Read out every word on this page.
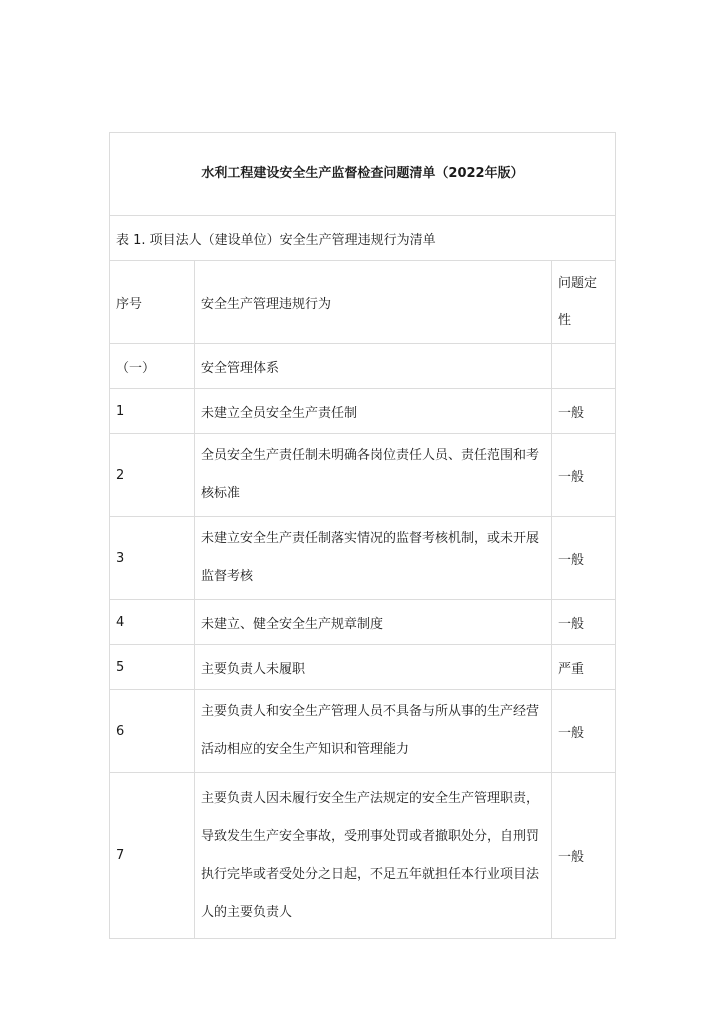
水利工程建设安全生产监督检查问题清单（2022年版）		
表 1. 项目法人（建设单位）安全生产管理违规行为清单		
序号	安全生产管理违规行为	问题定性
（一）	安全管理体系	
1	未建立全员安全生产责任制	一般
2	全员安全生产责任制未明确各岗位责任人员、责任范围和考核标准	一般
3	未建立安全生产责任制落实情况的监督考核机制，或未开展监督考核	一般
4	未建立、健全安全生产规章制度	一般
5	主要负责人未履职	严重
6	主要负责人和安全生产管理人员不具备与所从事的生产经营活动相应的安全生产知识和管理能力	一般
7	主要负责人因未履行安全生产法规定的安全生产管理职责，导致发生生产安全事故，受刑事处罚或者撤职处分，自刑罚执行完毕或者受处分之日起，不足五年就担任本行业项目法人的主要负责人	一般
